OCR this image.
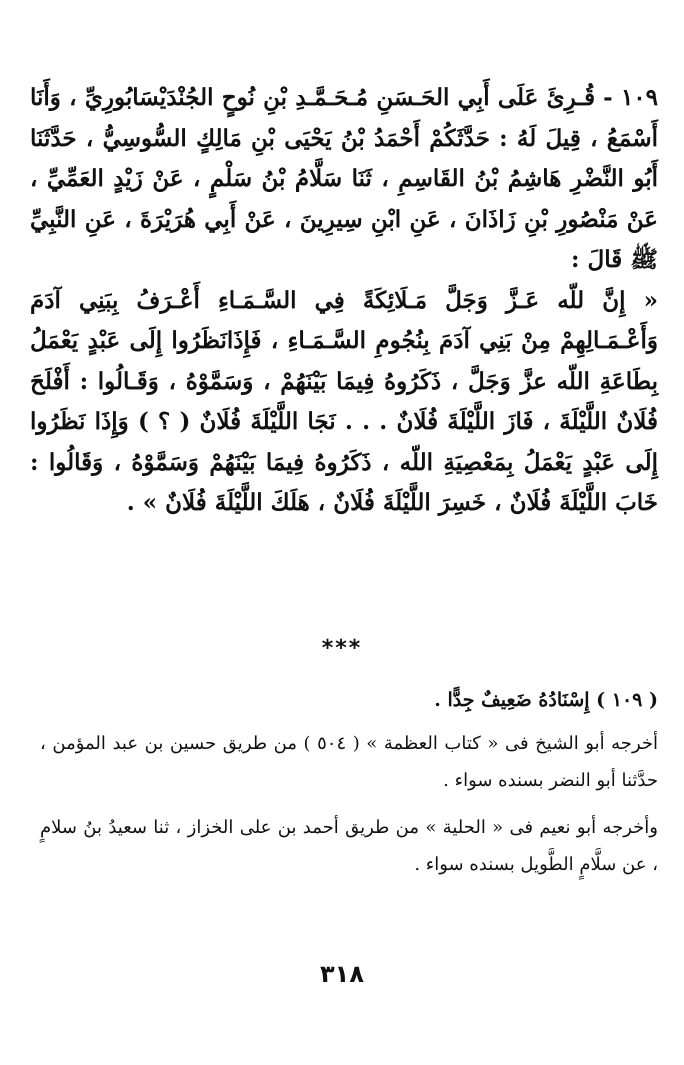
١٠٩ -قُـرِئَ عَلَى أَبِي الحَـسَنِ مُـحَـمَّـدِ بْنِ نُوحٍ الجُنْدَيْسَابُورِيِّ ، وَأَنَا أَسْمَعُ ، قِيلَ لَهُ : حَدَّثَكُمْ أَحْمَدُ بْنُ يَحْيَى بْنِ مَالِكٍ السُّوسِيُّ ، حَدَّثَنَا أَبُو النَّضْرِ هَاشِمُ بْنُ القَاسِمِ ، ثَنَا سَلَّامُ بْنُ سَلْمٍ ، عَنْ زَيْدٍ العَمِّيِّ ، عَنْ مَنْصُورِ بْنِ زَاذَانَ ، عَنِ ابْنِ سِيرِينَ ، عَنْ أَبِي هُرَيْرَةَ ، عَنِ النَّبِيِّ ﷺ قَالَ :

« إِنَّ للّه عَـزَّ وَجَلَّ مَـلَائِكَةً فِي السَّـمَـاءِ أَعْـرَفُ بِبَنِي آدَمَ وَأَعْـمَـالِهِمْ مِنْ بَنِي آدَمَ بِنُجُومِ السَّـمَـاءِ ، فَإِذَانَظَرُوا إِلَى عَبْدٍ يَعْمَلُ بِطَاعَةِ اللّه عزَّ وَجَلَّ ، ذَكَرُوهُ فِيمَا بَيْنَهُمْ ، وَسَمَّوْهُ ، وَقَـالُوا : أَفْلَحَ فُلَانٌ اللَّيْلَةَ ، فَازَ اللَّيْلَةَ فُلَانٌ . . . نَجَا اللَّيْلَةَ فُلَانٌ ( ؟ ) وَإِذَا نَظَرُوا إِلَى عَبْدٍ يَعْمَلُ بِمَعْصِيَةِ اللّه ، ذَكَرُوهُ فِيمَا بَيْنَهُمْ وَسَمَّوْهُ ، وَقَالُوا : خَابَ اللَّيْلَةَ فُلَانٌ ، خَسِرَ اللَّيْلَةَ فُلَانٌ ، هَلَكَ اللَّيْلَةَ فُلَانٌ » .

***

( ١٠٩ ) إِسْنَادُهُ ضَعِيفٌ جِدًّا .

أخرجه أبو الشيخ فى « كتاب العظمة » ( ٥٠٤ ) من طريق حسين بن عبد المؤمن ، حدَّثنا أبو النضر بسنده سواء .

وأخرجه أبو نعيم فى « الحلية » من طريق أحمد بن على الخزاز ، ثنا سعيدُ بنُ سلامٍ ، عن سلَّامٍ الطَّويل بسنده سواء .

٣١٨
